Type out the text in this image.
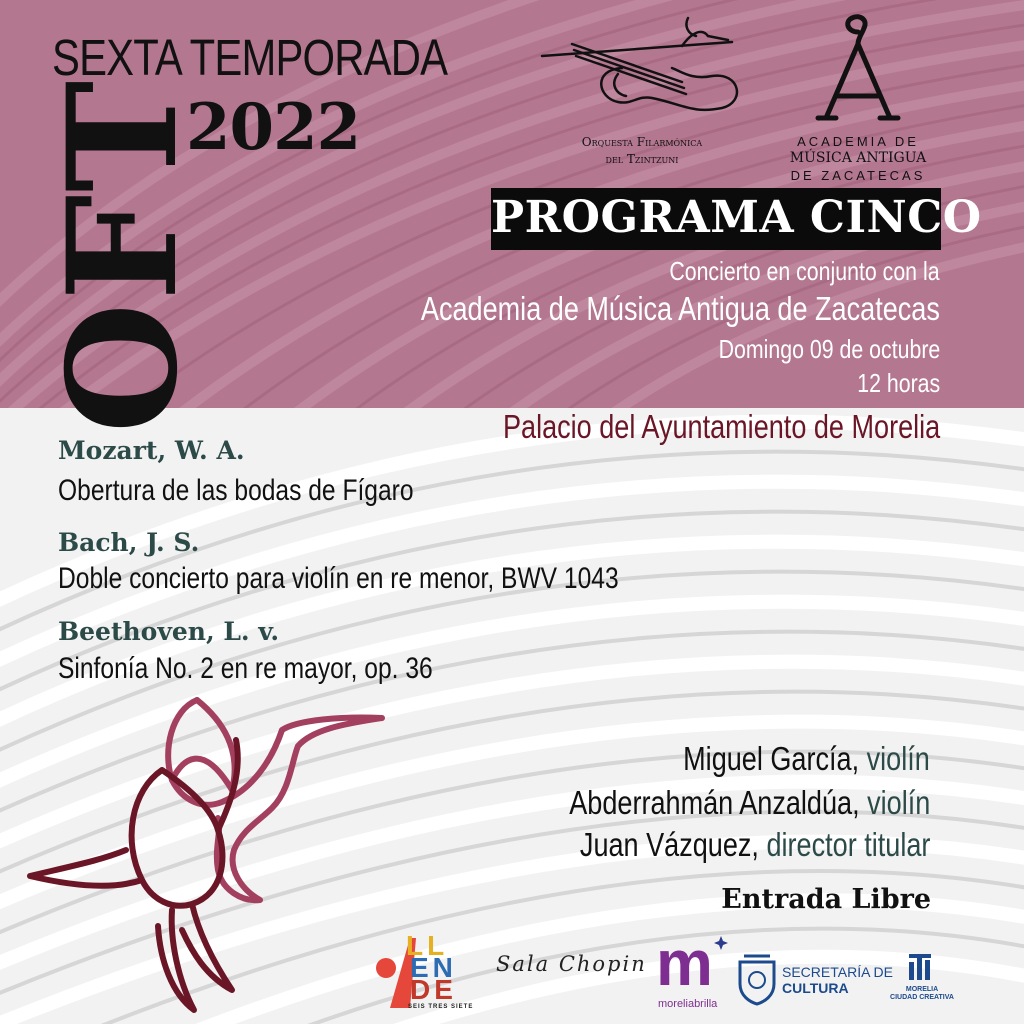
SEXTA TEMPORADA
2022
OFT	Orquesta Filarmónica
del Tzintzuni
ACADEMIA DE
MÚSICA ANTIGUA
DE ZACATECAS
PROGRAMA CINCO
Concierto en conjunto con la
Academia de Música Antigua de Zacatecas
Domingo 09 de octubre
12 horas
Palacio del Ayuntamiento de Morelia
Mozart, W. A.
Obertura de las bodas de Fígaro
Bach, J. S.
Doble concierto para violín en re menor, BWV 1043
Beethoven, L. v.
Sinfonía No. 2 en re mayor, op. 36
Miguel García, violín
Abderrahmán Anzaldúa, violín
Juan Vázquez, director titular
Entrada Libre
LL
EN
DE
SEIS TRES SIETE
Sala Chopin m
moreliabrilla
SECRETARÍA DE
CULTURA	MORELIA
CIUDAD CREATIVA
